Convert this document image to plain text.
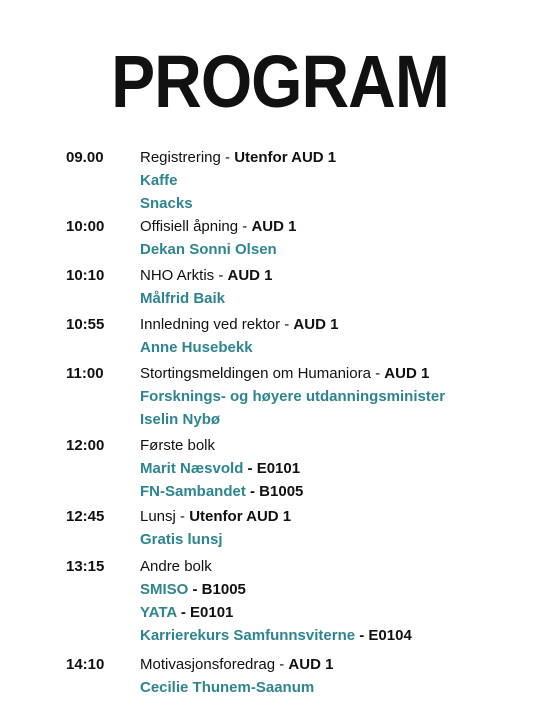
PROGRAM
09.00 Registrering - Utenfor AUD 1
Kaffe
Snacks
10:00 Offisiell åpning - AUD 1
Dekan Sonni Olsen
10:10 NHO Arktis - AUD 1
Målfrid Baik
10:55 Innledning ved rektor - AUD 1
Anne Husebekk
11:00 Stortingsmeldingen om Humaniora - AUD 1
Forsknings- og høyere utdanningsminister
Iselin Nybø
12:00 Første bolk
Marit Næsvold - E0101
FN-Sambandet - B1005
12:45 Lunsj - Utenfor AUD 1
Gratis lunsj
13:15 Andre bolk
SMISO - B1005
YATA - E0101
Karrierekurs Samfunnsviterne - E0104
14:10 Motivasjonsforedrag - AUD 1
Cecilie Thunem-Saanum
